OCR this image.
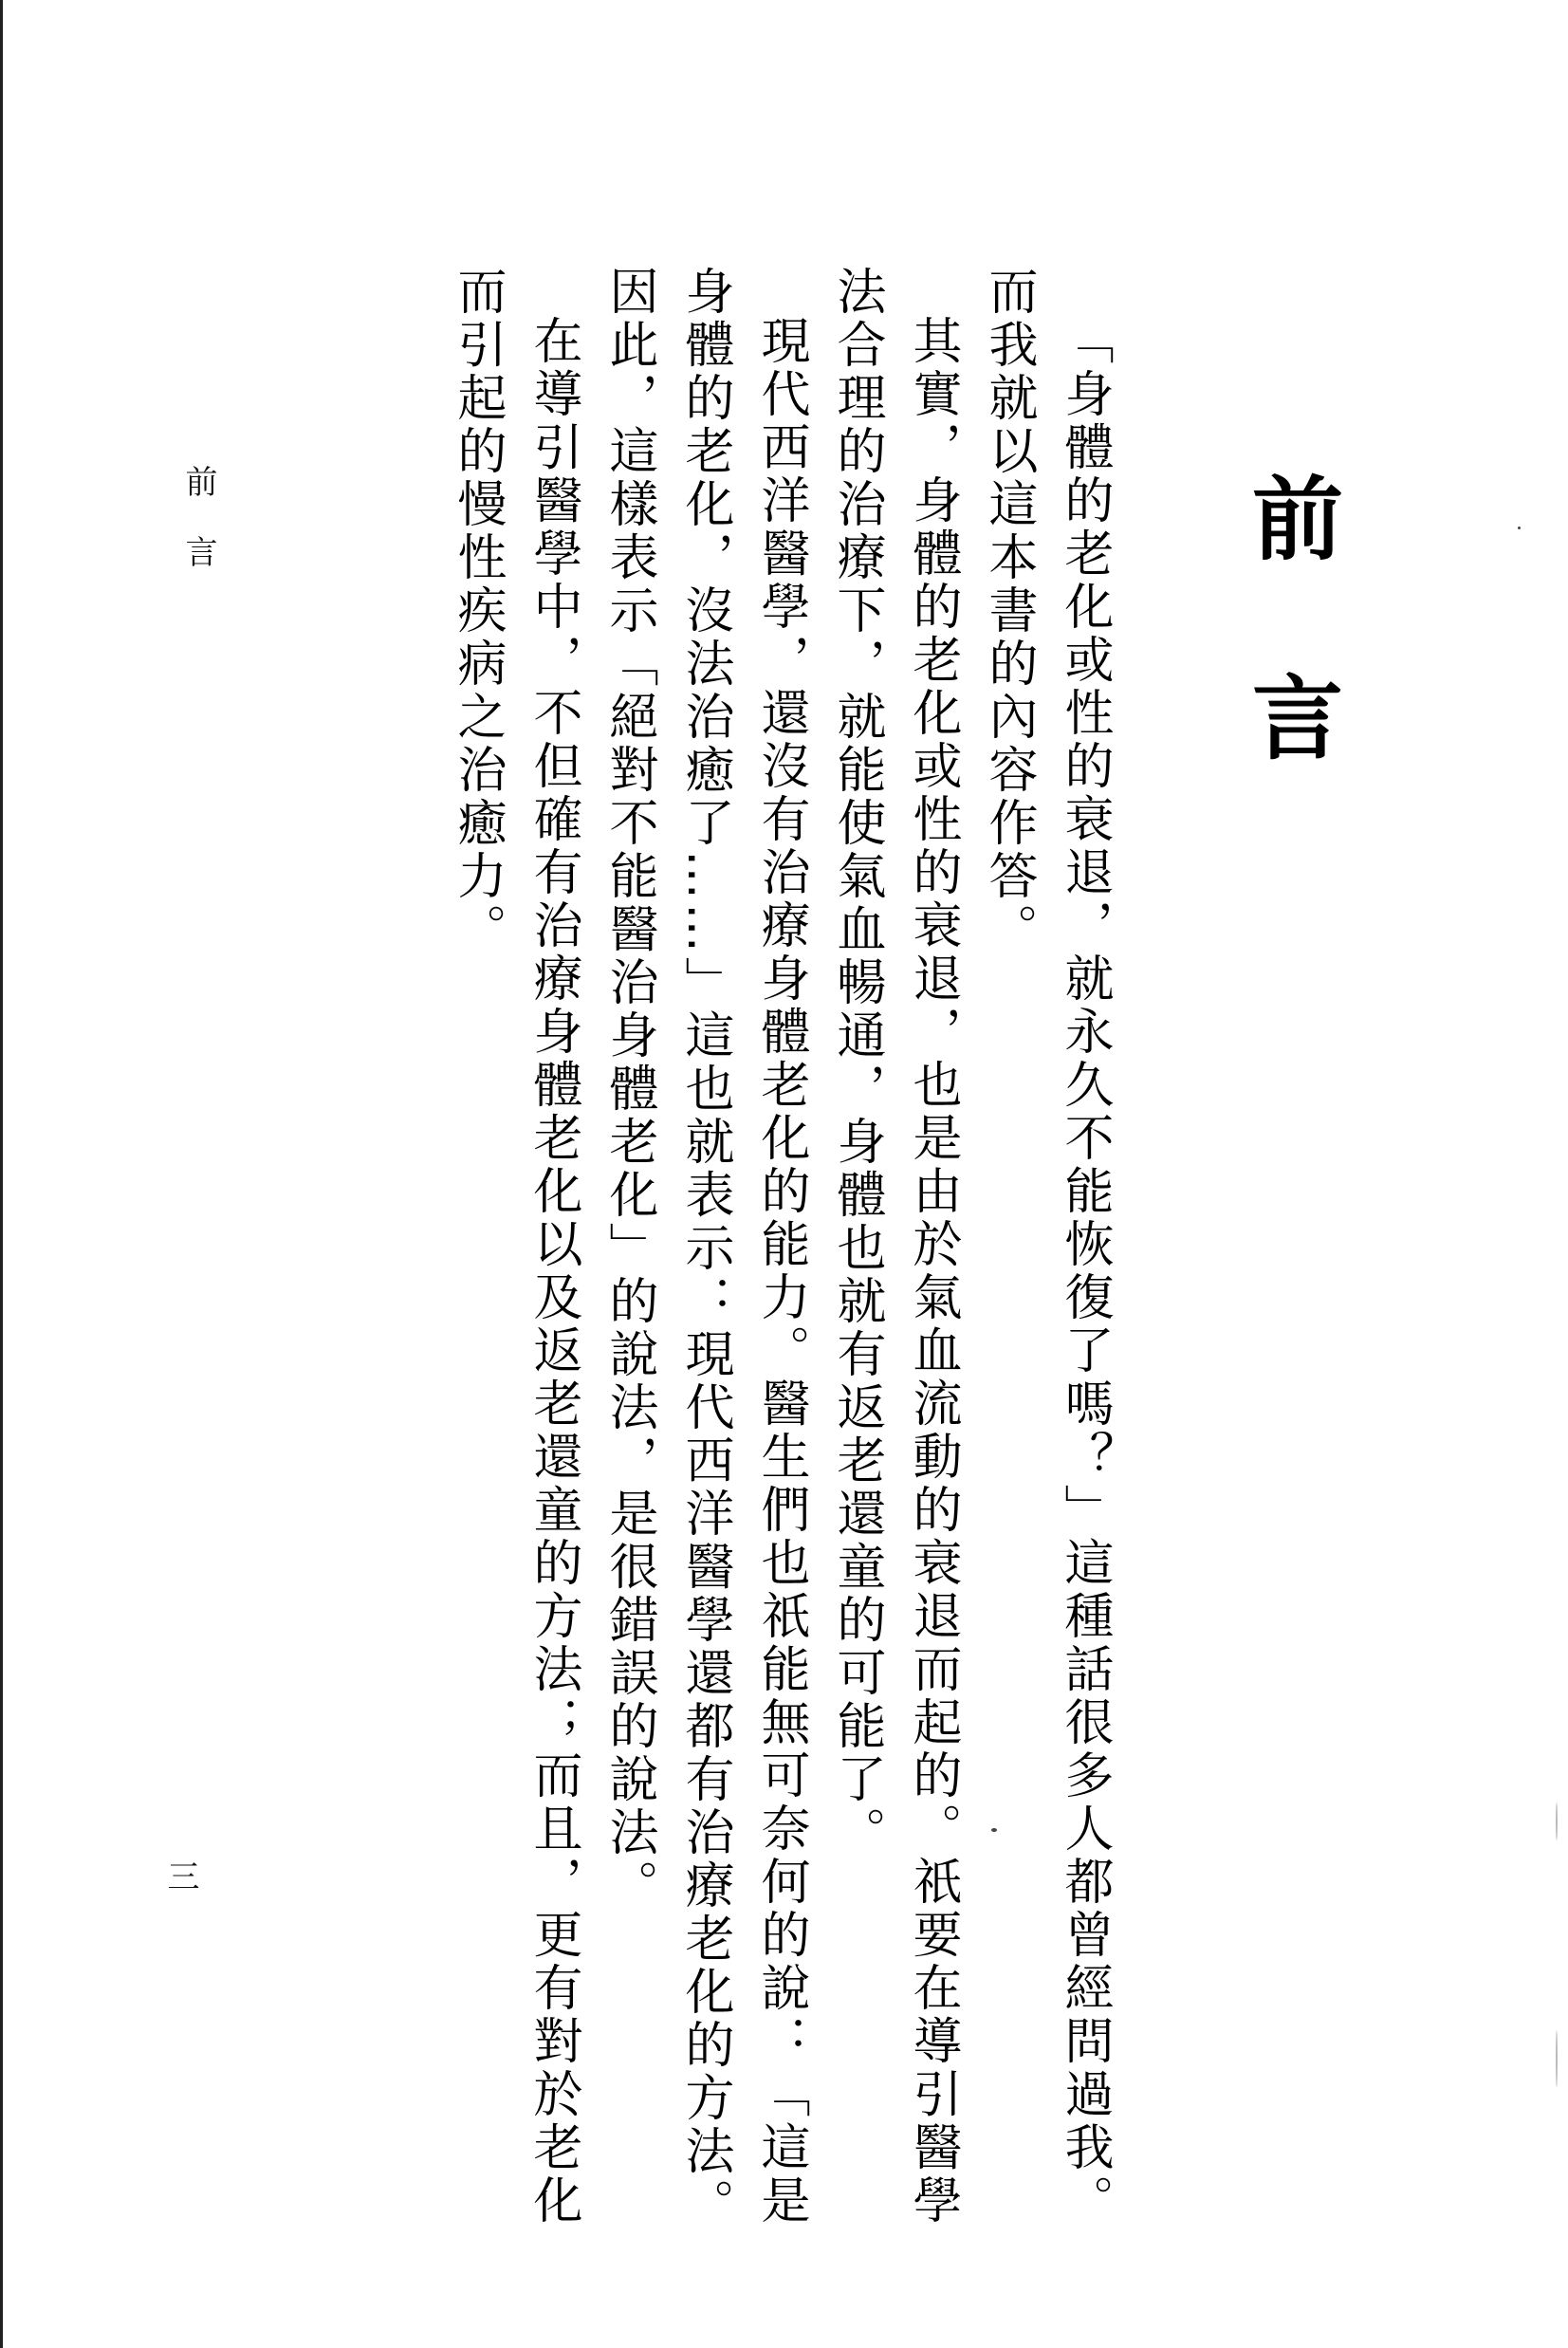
前
言

「身體的老化或性的衰退，就永久不能恢復了嗎？」這種話很多人都曾經問過我。而我就以這本書的內容作答。

其實，身體的老化或性的衰退，也是由於氣血流動的衰退而起的。祇要在導引醫學法合理的治療下，就能使氣血暢通，身體也就有返老還童的可能了。

現代西洋醫學，還沒有治療身體老化的能力。醫生們也祇能無可奈何的說：「這是身體的老化，沒法治癒了……」這也就表示：現代西洋醫學還都有治療老化的方法。因此，這樣表示「絕對不能醫治身體老化」的說法，是很錯誤的說法。

在導引醫學中，不但確有治療身體老化以及返老還童的方法；而且，更有對於老化而引起的慢性疾病之治癒力。

前言
三
